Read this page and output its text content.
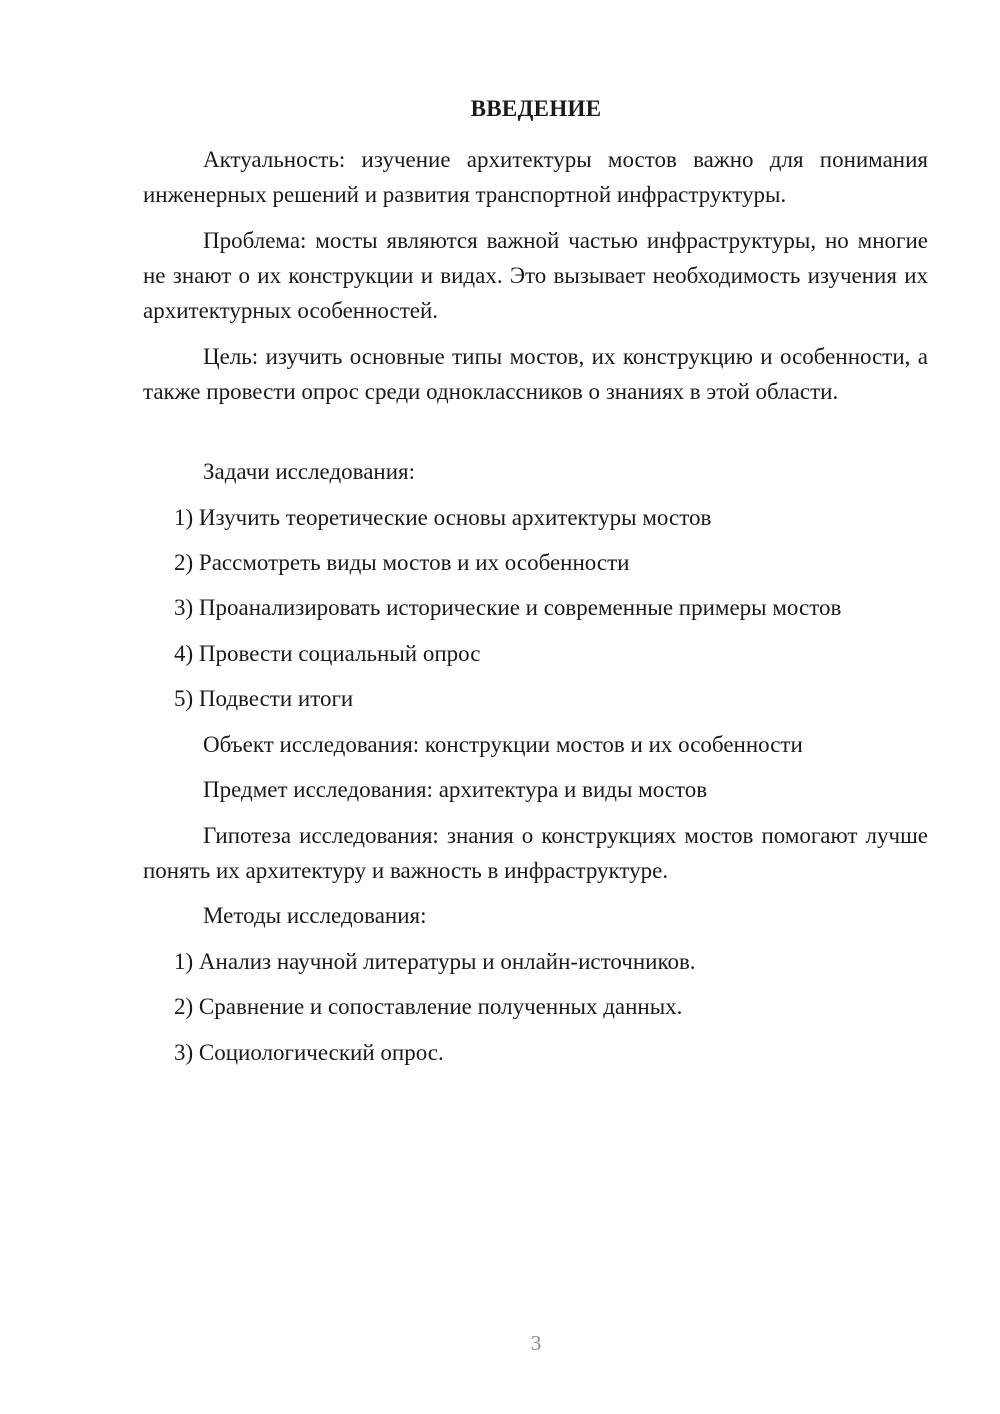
ВВЕДЕНИЕ
Актуальность: изучение архитектуры мостов важно для понимания инженерных решений и развития транспортной инфраструктуры.
Проблема: мосты являются важной частью инфраструктуры, но многие не знают о их конструкции и видах. Это вызывает необходимость изучения их архитектурных особенностей.
Цель: изучить основные типы мостов, их конструкцию и особенности, а также провести опрос среди одноклассников о знаниях в этой области.
Задачи исследования:
1) Изучить теоретические основы архитектуры мостов
2) Рассмотреть виды мостов и их особенности
3) Проанализировать исторические и современные примеры мостов
4) Провести социальный опрос
5) Подвести итоги
Объект исследования: конструкции мостов и их особенности
Предмет исследования: архитектура и виды мостов
Гипотеза исследования: знания о конструкциях мостов помогают лучше понять их архитектуру и важность в инфраструктуре.
Методы исследования:
1) Анализ научной литературы и онлайн-источников.
2) Сравнение и сопоставление полученных данных.
3) Социологический опрос.
3
